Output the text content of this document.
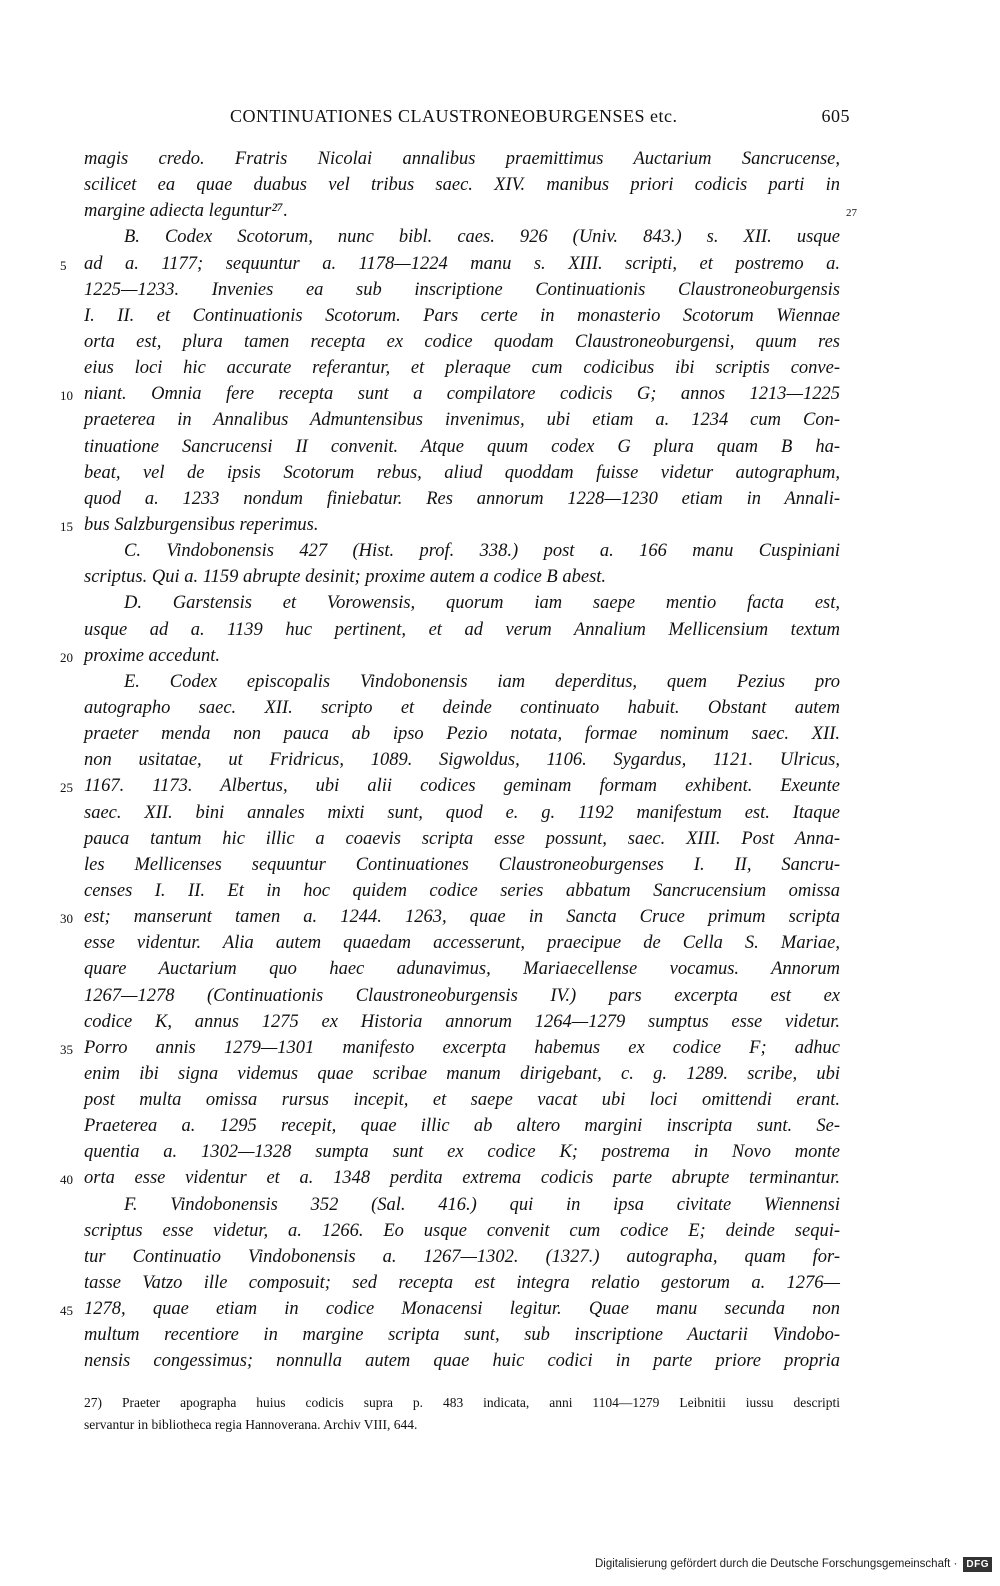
CONTINUATIONES CLAUSTRONEOBURGENSES etc.	605
magis credo. Fratris Nicolai annalibus praemittimus Auctarium Sancrucense,
scilicet ea quae duabus vel tribus saec. XIV. manibus priori codicis parti in
margine adiecta leguntur²⁷.	27
B. Codex Scotorum, nunc bibl. caes. 926 (Univ. 843.) s. XII. usque
5 ad a. 1177; sequuntur a. 1178—1224 manu s. XIII. scripti, et postremo a.
1225—1233. Invenies ea sub inscriptione Continuationis Claustroneoburgensis
I. II. et Continuationis Scotorum. Pars certe in monasterio Scotorum Wiennae
orta est, plura tamen recepta ex codice quodam Claustroneoburgensi, quum res
eius loci hic accurate referantur, et pleraque cum codicibus ibi scriptis conve-
10 niant. Omnia fere recepta sunt a compilatore codicis G; annos 1213—1225
praeterea in Annalibus Admuntensibus invenimus, ubi etiam a. 1234 cum Con-
tinuatione Sancrucensi II convenit. Atque quum codex G plura quam B ha-
beat, vel de ipsis Scotorum rebus, aliud quoddam fuisse videtur autographum,
quod a. 1233 nondum finiebatur. Res annorum 1228—1230 etiam in Annali-
15 bus Salzburgensibus reperimus.
C. Vindobonensis 427 (Hist. prof. 338.) post a. 166 manu Cuspiniani
scriptus. Qui a. 1159 abrupte desinit; proxime autem a codice B abest.
D. Garstensis et Vorowensis, quorum iam saepe mentio facta est,
usque ad a. 1139 huc pertinent, et ad verum Annalium Mellicensium textum
20 proxime accedunt.
E. Codex episcopalis Vindobonensis iam deperditus, quem Pezius pro
autographo saec. XII. scripto et deinde continuato habuit. Obstant autem
praeter menda non pauca ab ipso Pezio notata, formae nominum saec. XII.
non usitatae, ut Fridricus, 1089. Sigwoldus, 1106. Sygardus, 1121. Ulricus,
25 1167. 1173. Albertus, ubi alii codices geminam formam exhibent. Exeunte
saec. XII. bini annales mixti sunt, quod e. g. 1192 manifestum est. Itaque
pauca tantum hic illic a coaevis scripta esse possunt, saec. XIII. Post Anna-
les Mellicenses sequuntur Continuationes Claustroneoburgenses I. II, Sancru-
censes I. II. Et in hoc quidem codice series abbatum Sancrucensium omissa
30 est; manserunt tamen a. 1244. 1263, quae in Sancta Cruce primum scripta
esse videntur. Alia autem quaedam accesserunt, praecipue de Cella S. Mariae,
quare Auctarium quo haec adunavimus, Mariaecellense vocamus. Annorum
1267—1278 (Continuationis Claustroneoburgensis IV.) pars excerpta est ex
codice K, annus 1275 ex Historia annorum 1264—1279 sumptus esse videtur.
35 Porro annis 1279—1301 manifesto excerpta habemus ex codice F; adhuc
enim ibi signa videmus quae scribae manum dirigebant, c. g. 1289. scribe, ubi
post multa omissa rursus incepit, et saepe vacat ubi loci omittendi erant.
Praeterea a. 1295 recepit, quae illic ab altero margini inscripta sunt. Se-
quentia a. 1302—1328 sumpta sunt ex codice K; postrema in Novo monte
40 orta esse videntur et a. 1348 perdita extrema codicis parte abrupte terminantur.
F. Vindobonensis 352 (Sal. 416.) qui in ipsa civitate Wiennensi
scriptus esse videtur, a. 1266. Eo usque convenit cum codice E; deinde sequi-
tur Continuatio Vindobonensis a. 1267—1302. (1327.) autographa, quam for-
tasse Vatzo ille composuit; sed recepta est integra relatio gestorum a. 1276—
45 1278, quae etiam in codice Monacensi legitur. Quae manu secunda non
multum recentiore in margine scripta sunt, sub inscriptione Auctarii Vindobo-
nensis congessimus; nonnulla autem quae huic codici in parte priore propria
27) Praeter apographa huius codicis supra p. 483 indicata, anni 1104—1279 Leibnitii iussu descripti
servantur in bibliotheca regia Hannoverana. Archiv VIII, 644.
Digitalisierung gefördert durch die Deutsche Forschungsgemeinschaft · DFG
